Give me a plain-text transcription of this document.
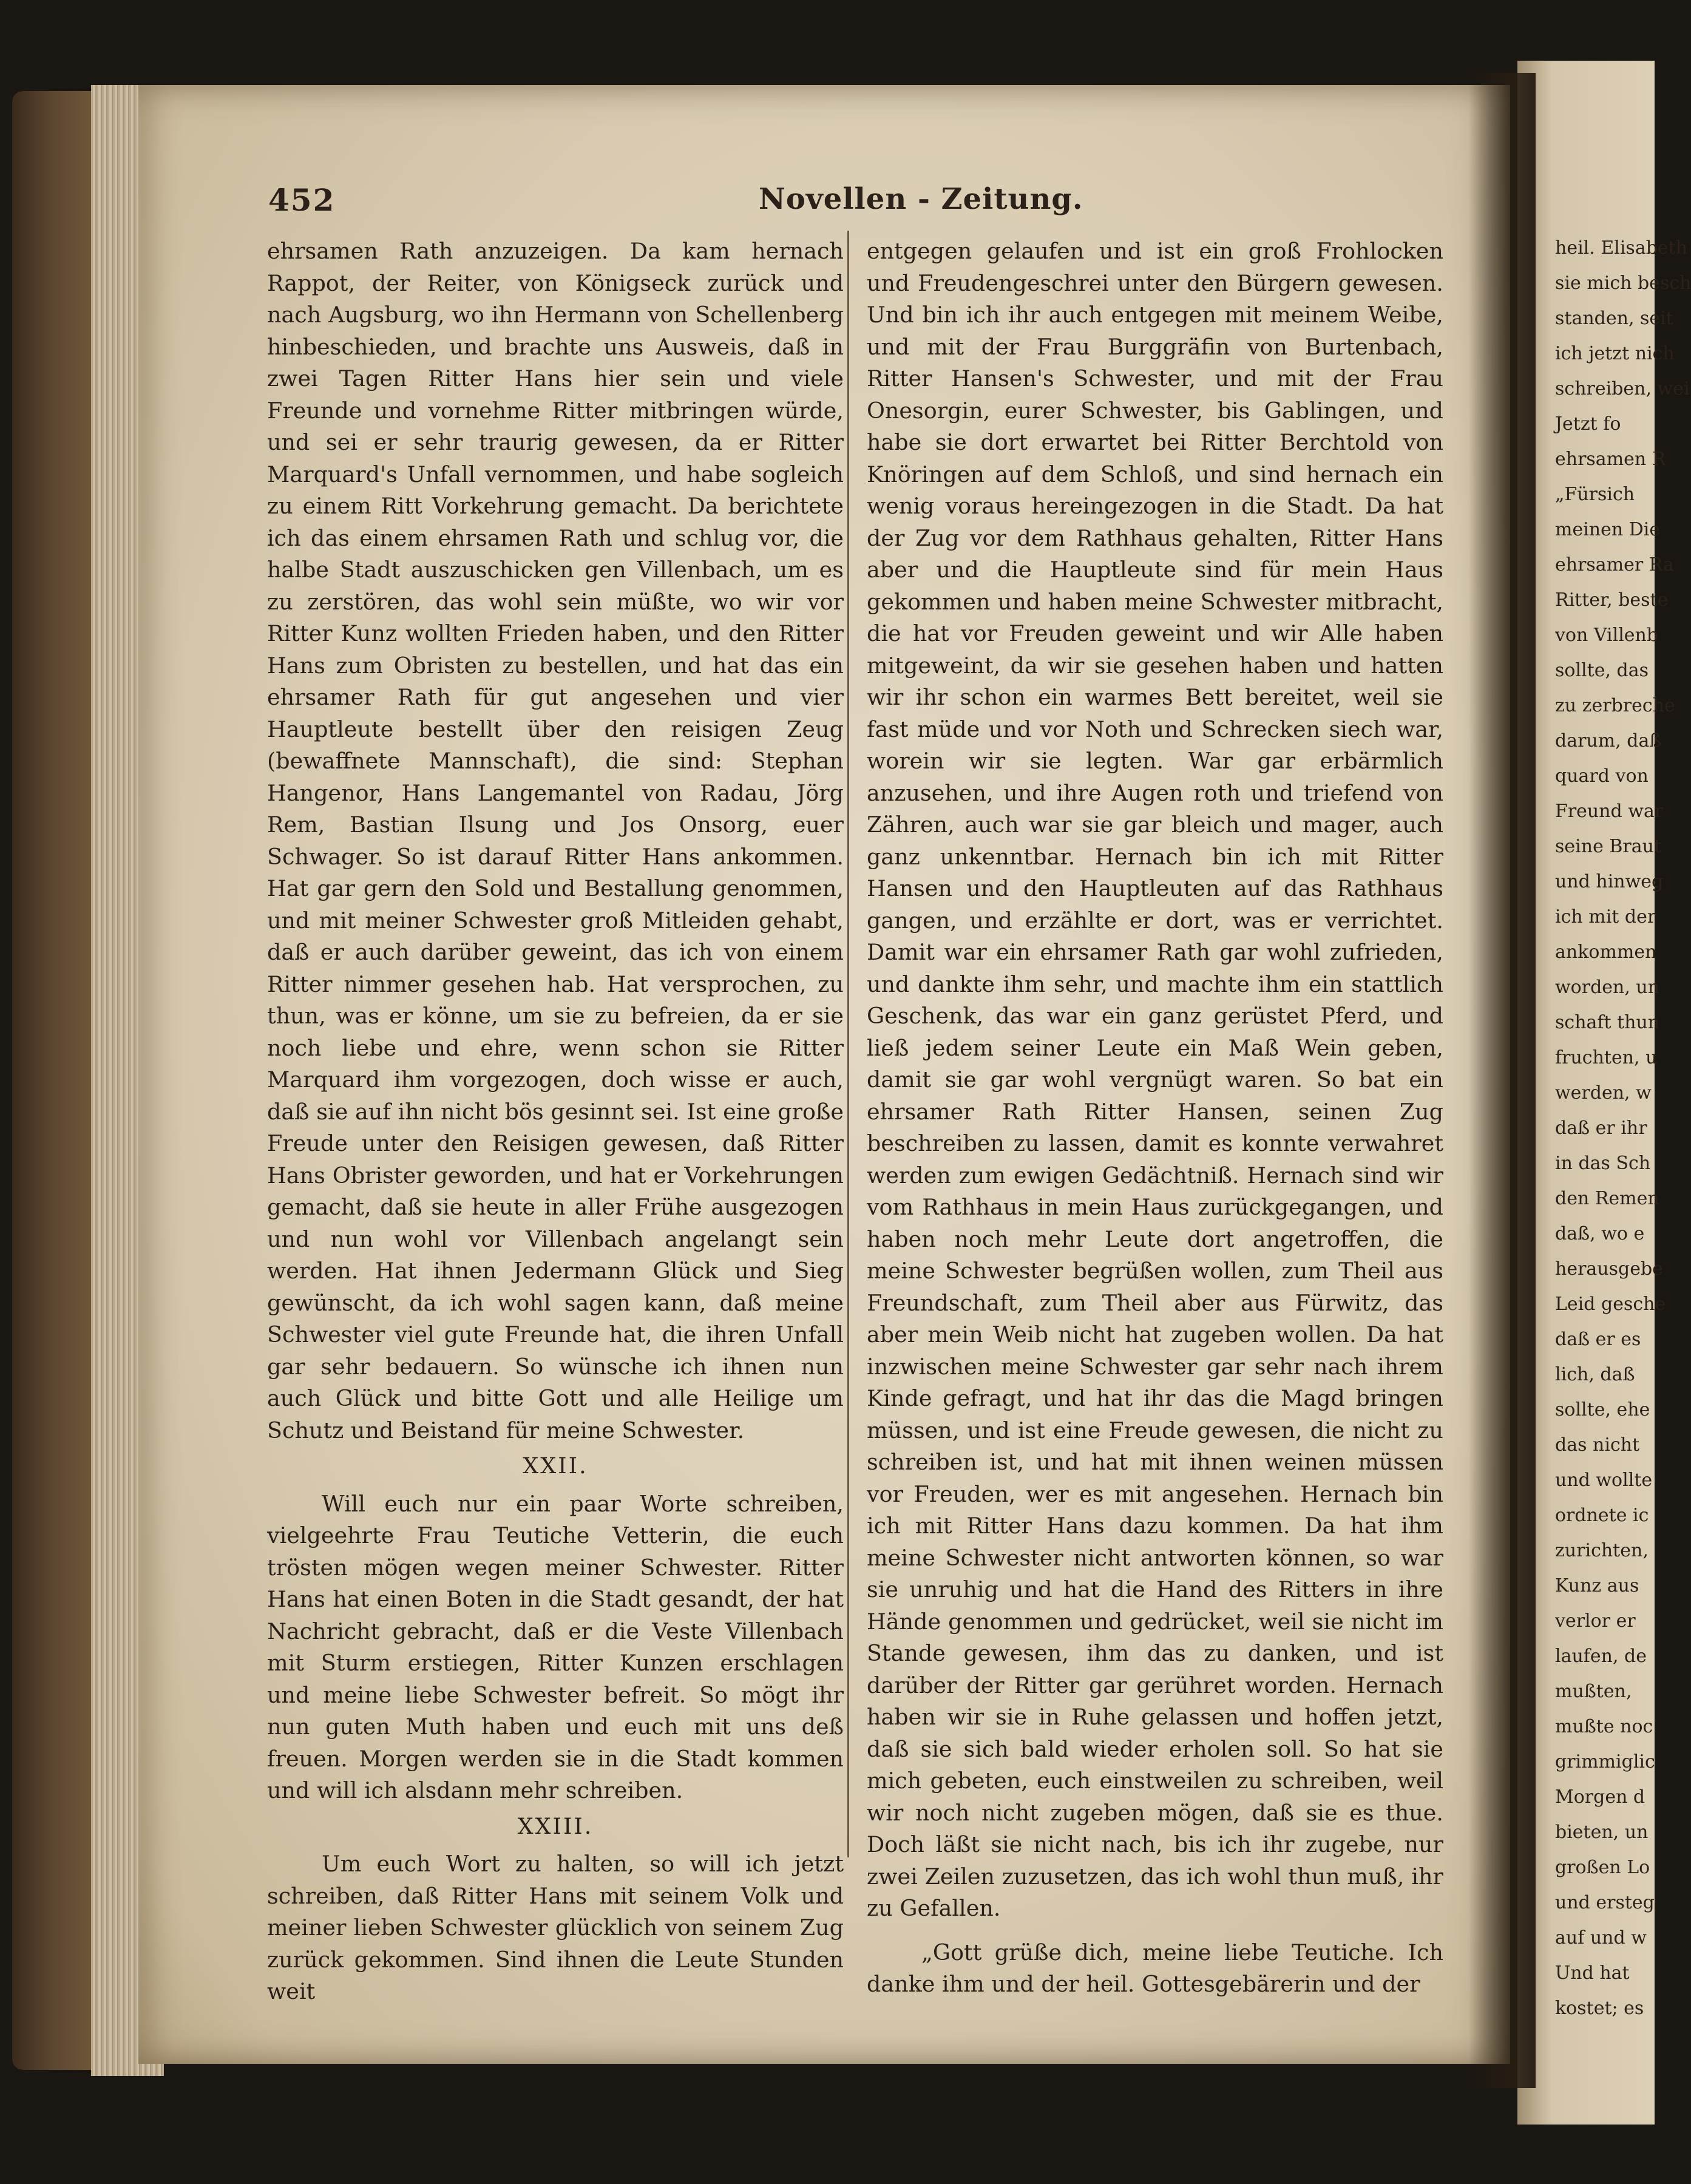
heil. Elisabeth
sie mich besch
standen, seit
ich jetzt nich
schreiben, wei
Jetzt fo
ehrsamen R
„Fürsich
meinen Die
ehrsamer Ra
Ritter, beste
von Villenb
sollte, das
zu zerbreche
darum, daß
quard von
Freund war
seine Braut
und hinweg
ich mit der
ankommen
worden, un
schaft thun
fruchten, u
werden, w
daß er ihr
in das Sch
den Remen
daß, wo e
herausgebe
Leid gesche
daß er es
lich, daß
sollte, ehe
das nicht
und wollte
ordnete ic
zurichten,
Kunz aus
verlor er
laufen, de
mußten,
mußte noc
grimmiglic
Morgen d
bieten, un
großen Lo
und ersteg
auf und w
Und hat
kostet; es
452	Novellen - Zeitung.

ehrsamen Rath anzuzeigen. Da kam hernach Rappot, der Reiter, von Königseck zurück und nach Augsburg, wo ihn Hermann von Schellenberg hinbeschieden, und brachte uns Ausweis, daß in zwei Tagen Ritter Hans hier sein und viele Freunde und vornehme Ritter mitbringen würde, und sei er sehr traurig gewesen, da er Ritter Marquard's Unfall vernommen, und habe sogleich zu einem Ritt Vorkehrung gemacht. Da berichtete ich das einem ehrsamen Rath und schlug vor, die halbe Stadt auszuschicken gen Villenbach, um es zu zerstören, das wohl sein müßte, wo wir vor Ritter Kunz wollten Frieden haben, und den Ritter Hans zum Obristen zu bestellen, und hat das ein ehrsamer Rath für gut angesehen und vier Hauptleute bestellt über den reisigen Zeug (bewaffnete Mannschaft), die sind: Stephan Hangenor, Hans Langemantel von Radau, Jörg Rem, Bastian Ilsung und Jos Onsorg, euer Schwager. So ist darauf Ritter Hans ankommen. Hat gar gern den Sold und Bestallung genommen, und mit meiner Schwester groß Mitleiden gehabt, daß er auch darüber geweint, das ich von einem Ritter nimmer gesehen hab. Hat versprochen, zu thun, was er könne, um sie zu befreien, da er sie noch liebe und ehre, wenn schon sie Ritter Marquard ihm vorgezogen, doch wisse er auch, daß sie auf ihn nicht bös gesinnt sei. Ist eine große Freude unter den Reisigen gewesen, daß Ritter Hans Obrister geworden, und hat er Vorkehrungen gemacht, daß sie heute in aller Frühe ausgezogen und nun wohl vor Villenbach angelangt sein werden. Hat ihnen Jedermann Glück und Sieg gewünscht, da ich wohl sagen kann, daß meine Schwester viel gute Freunde hat, die ihren Unfall gar sehr bedauern. So wünsche ich ihnen nun auch Glück und bitte Gott und alle Heilige um Schutz und Beistand für meine Schwester.

XXII.

Will euch nur ein paar Worte schreiben, vielgeehrte Frau Teutiche Vetterin, die euch trösten mögen wegen meiner Schwester. Ritter Hans hat einen Boten in die Stadt gesandt, der hat Nachricht gebracht, daß er die Veste Villenbach mit Sturm erstiegen, Ritter Kunzen erschlagen und meine liebe Schwester befreit. So mögt ihr nun guten Muth haben und euch mit uns deß freuen. Morgen werden sie in die Stadt kommen und will ich alsdann mehr schreiben.

XXIII.

Um euch Wort zu halten, so will ich jetzt schreiben, daß Ritter Hans mit seinem Volk und meiner lieben Schwester glücklich von seinem Zug zurück gekommen. Sind ihnen die Leute Stunden weit

entgegen gelaufen und ist ein groß Frohlocken und Freudengeschrei unter den Bürgern gewesen. Und bin ich ihr auch entgegen mit meinem Weibe, und mit der Frau Burggräfin von Burtenbach, Ritter Hansen's Schwester, und mit der Frau Onesorgin, eurer Schwester, bis Gablingen, und habe sie dort erwartet bei Ritter Berchtold von Knöringen auf dem Schloß, und sind hernach ein wenig voraus hereingezogen in die Stadt. Da hat der Zug vor dem Rathhaus gehalten, Ritter Hans aber und die Hauptleute sind für mein Haus gekommen und haben meine Schwester mitbracht, die hat vor Freuden geweint und wir Alle haben mitgeweint, da wir sie gesehen haben und hatten wir ihr schon ein warmes Bett bereitet, weil sie fast müde und vor Noth und Schrecken siech war, worein wir sie legten. War gar erbärmlich anzusehen, und ihre Augen roth und triefend von Zähren, auch war sie gar bleich und mager, auch ganz unkenntbar. Hernach bin ich mit Ritter Hansen und den Hauptleuten auf das Rathhaus gangen, und erzählte er dort, was er verrichtet. Damit war ein ehrsamer Rath gar wohl zufrieden, und dankte ihm sehr, und machte ihm ein stattlich Geschenk, das war ein ganz gerüstet Pferd, und ließ jedem seiner Leute ein Maß Wein geben, damit sie gar wohl vergnügt waren. So bat ein ehrsamer Rath Ritter Hansen, seinen Zug beschreiben zu lassen, damit es konnte verwahret werden zum ewigen Gedächtniß. Hernach sind wir vom Rathhaus in mein Haus zurückgegangen, und haben noch mehr Leute dort angetroffen, die meine Schwester begrüßen wollen, zum Theil aus Freundschaft, zum Theil aber aus Fürwitz, das aber mein Weib nicht hat zugeben wollen. Da hat inzwischen meine Schwester gar sehr nach ihrem Kinde gefragt, und hat ihr das die Magd bringen müssen, und ist eine Freude gewesen, die nicht zu schreiben ist, und hat mit ihnen weinen müssen vor Freuden, wer es mit angesehen. Hernach bin ich mit Ritter Hans dazu kommen. Da hat ihm meine Schwester nicht antworten können, so war sie unruhig und hat die Hand des Ritters in ihre Hände genommen und gedrücket, weil sie nicht im Stande gewesen, ihm das zu danken, und ist darüber der Ritter gar gerühret worden. Hernach haben wir sie in Ruhe gelassen und hoffen jetzt, daß sie sich bald wieder erholen soll. So hat sie mich gebeten, euch einstweilen zu schreiben, weil wir noch nicht zugeben mögen, daß sie es thue. Doch läßt sie nicht nach, bis ich ihr zugebe, nur zwei Zeilen zuzusetzen, das ich wohl thun muß, ihr zu Gefallen.

„Gott grüße dich, meine liebe Teutiche. Ich danke ihm und der heil. Gottesgebärerin und der
